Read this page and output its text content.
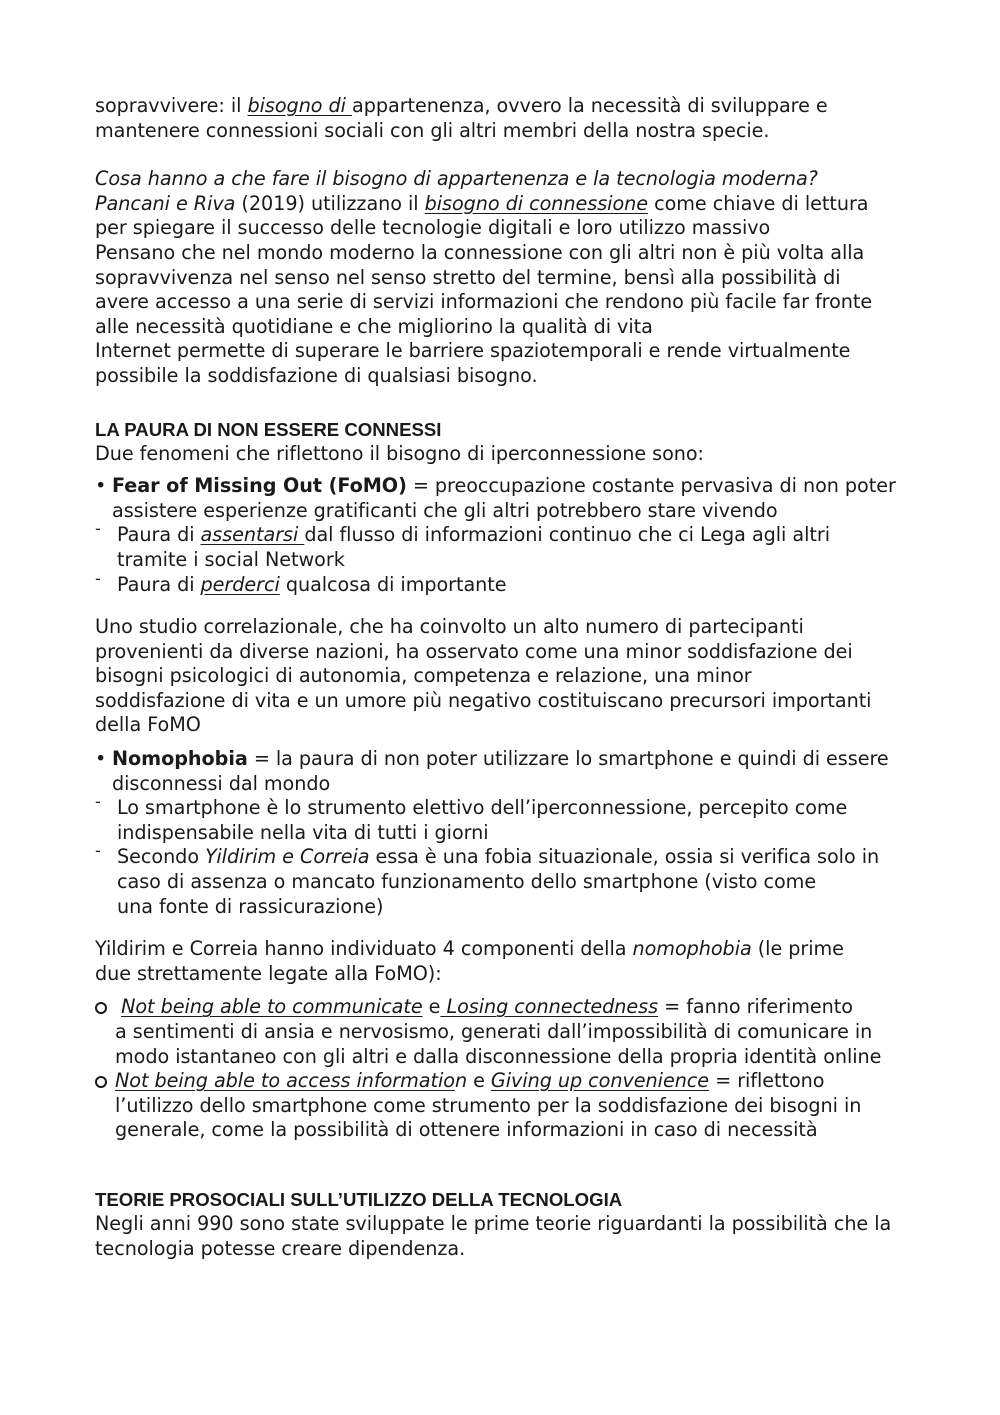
sopravvivere: il bisogno di appartenenza, ovvero la necessità di sviluppare e
mantenere connessioni sociali con gli altri membri della nostra specie.

Cosa hanno a che fare il bisogno di appartenenza e la tecnologia moderna?
Pancani e Riva (2019) utilizzano il bisogno di connessione come chiave di lettura
per spiegare il successo delle tecnologie digitali e loro utilizzo massivo
Pensano che nel mondo moderno la connessione con gli altri non è più volta alla
sopravvivenza nel senso nel senso stretto del termine, bensì alla possibilità di
avere accesso a una serie di servizi informazioni che rendono più facile far fronte
alle necessità quotidiane e che migliorino la qualità di vita
Internet permette di superare le barriere spaziotemporali e rende virtualmente
possibile la soddisfazione di qualsiasi bisogno.

LA PAURA DI NON ESSERE CONNESSI

Due fenomeni che riflettono il bisogno di iperconnessione sono:

• Fear of Missing Out (FoMO) = preoccupazione costante pervasiva di non poter
assistere esperienze gratificanti che gli altri potrebbero stare vivendo
- Paura di assentarsi dal flusso di informazioni continuo che ci Lega agli altri
tramite i social Network
- Paura di perderci qualcosa di importante

Uno studio correlazionale, che ha coinvolto un alto numero di partecipanti
provenienti da diverse nazioni, ha osservato come una minor soddisfazione dei
bisogni psicologici di autonomia, competenza e relazione, una minor
soddisfazione di vita e un umore più negativo costituiscano precursori importanti
della FoMO

• Nomophobia = la paura di non poter utilizzare lo smartphone e quindi di essere
disconnessi dal mondo
- Lo smartphone è lo strumento elettivo dell’iperconnessione, percepito come
indispensabile nella vita di tutti i giorni
- Secondo Yildirim e Correia essa è una fobia situazionale, ossia si verifica solo in
caso di assenza o mancato funzionamento dello smartphone (visto come
una fonte di rassicurazione)

Yildirim e Correia hanno individuato 4 componenti della nomophobia (le prime
due strettamente legate alla FoMO):

Not being able to communicate e Losing connectedness = fanno riferimento
a sentimenti di ansia e nervosismo, generati dall’impossibilità di comunicare in
modo istantaneo con gli altri e dalla disconnessione della propria identità online
Not being able to access information e Giving up convenience = riflettono
l’utilizzo dello smartphone come strumento per la soddisfazione dei bisogni in
generale, come la possibilità di ottenere informazioni in caso di necessità
TEORIE PROSOCIALI SULL’UTILIZZO DELLA TECNOLOGIA

Negli anni 990 sono state sviluppate le prime teorie riguardanti la possibilità che la
tecnologia potesse creare dipendenza.
